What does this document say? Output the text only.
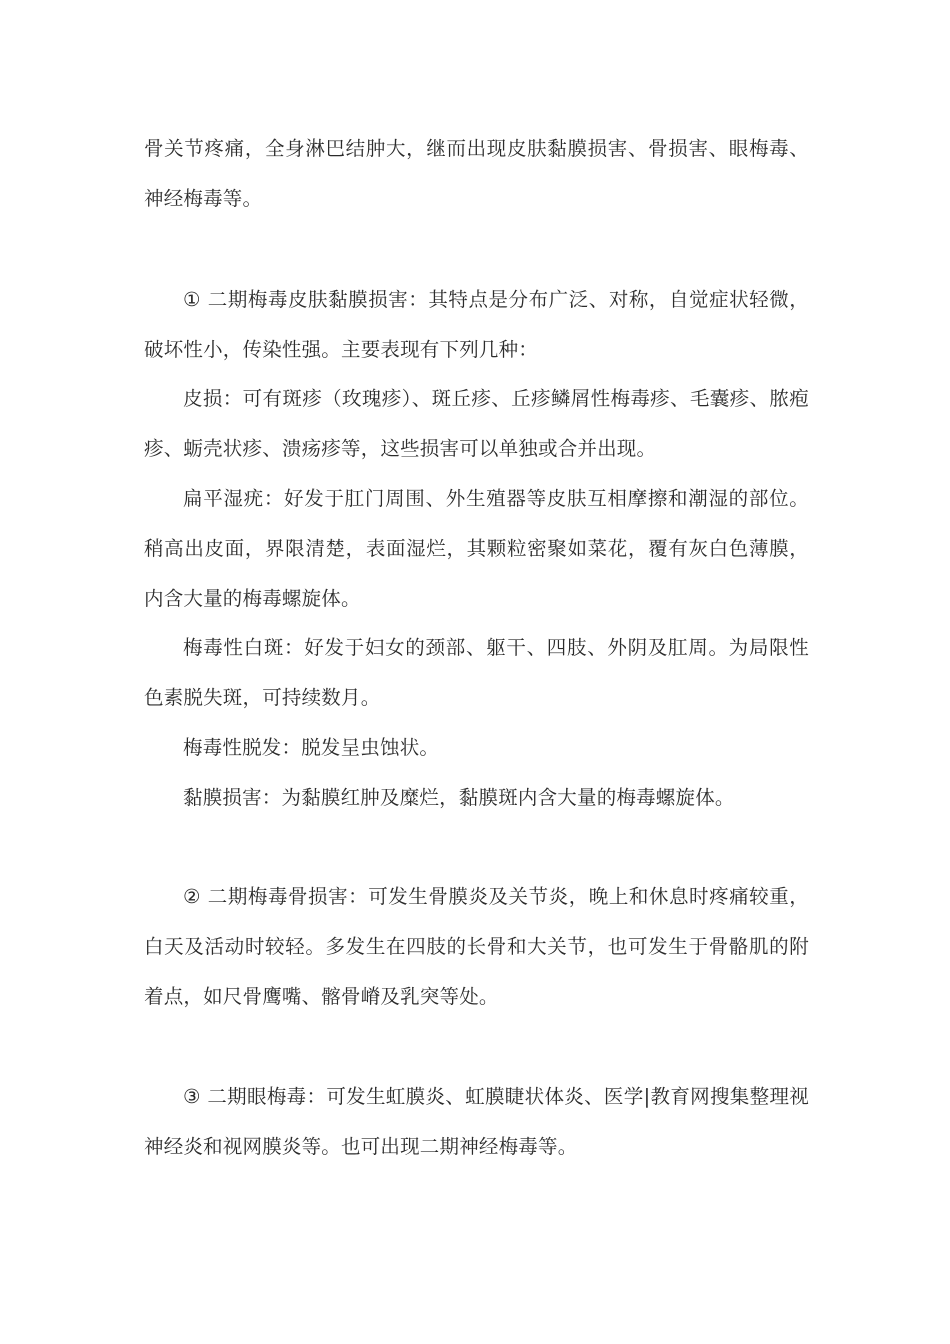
骨关节疼痛，全身淋巴结肿大，继而出现皮肤黏膜损害、骨损害、眼梅毒、神经梅毒等。

① 二期梅毒皮肤黏膜损害：其特点是分布广泛、对称，自觉症状轻微，破坏性小，传染性强。主要表现有下列几种：

皮损：可有斑疹（玫瑰疹）、斑丘疹、丘疹鳞屑性梅毒疹、毛囊疹、脓疱疹、蛎壳状疹、溃疡疹等，这些损害可以单独或合并出现。

扁平湿疣：好发于肛门周围、外生殖器等皮肤互相摩擦和潮湿的部位。稍高出皮面，界限清楚，表面湿烂，其颗粒密聚如菜花，覆有灰白色薄膜，内含大量的梅毒螺旋体。

梅毒性白斑：好发于妇女的颈部、躯干、四肢、外阴及肛周。为局限性色素脱失斑，可持续数月。

梅毒性脱发：脱发呈虫蚀状。

黏膜损害：为黏膜红肿及糜烂，黏膜斑内含大量的梅毒螺旋体。

② 二期梅毒骨损害：可发生骨膜炎及关节炎，晚上和休息时疼痛较重，白天及活动时较轻。多发生在四肢的长骨和大关节，也可发生于骨骼肌的附着点，如尺骨鹰嘴、髂骨嵴及乳突等处。

③ 二期眼梅毒：可发生虹膜炎、虹膜睫状体炎、医学|教育网搜集整理视神经炎和视网膜炎等。也可出现二期神经梅毒等。
